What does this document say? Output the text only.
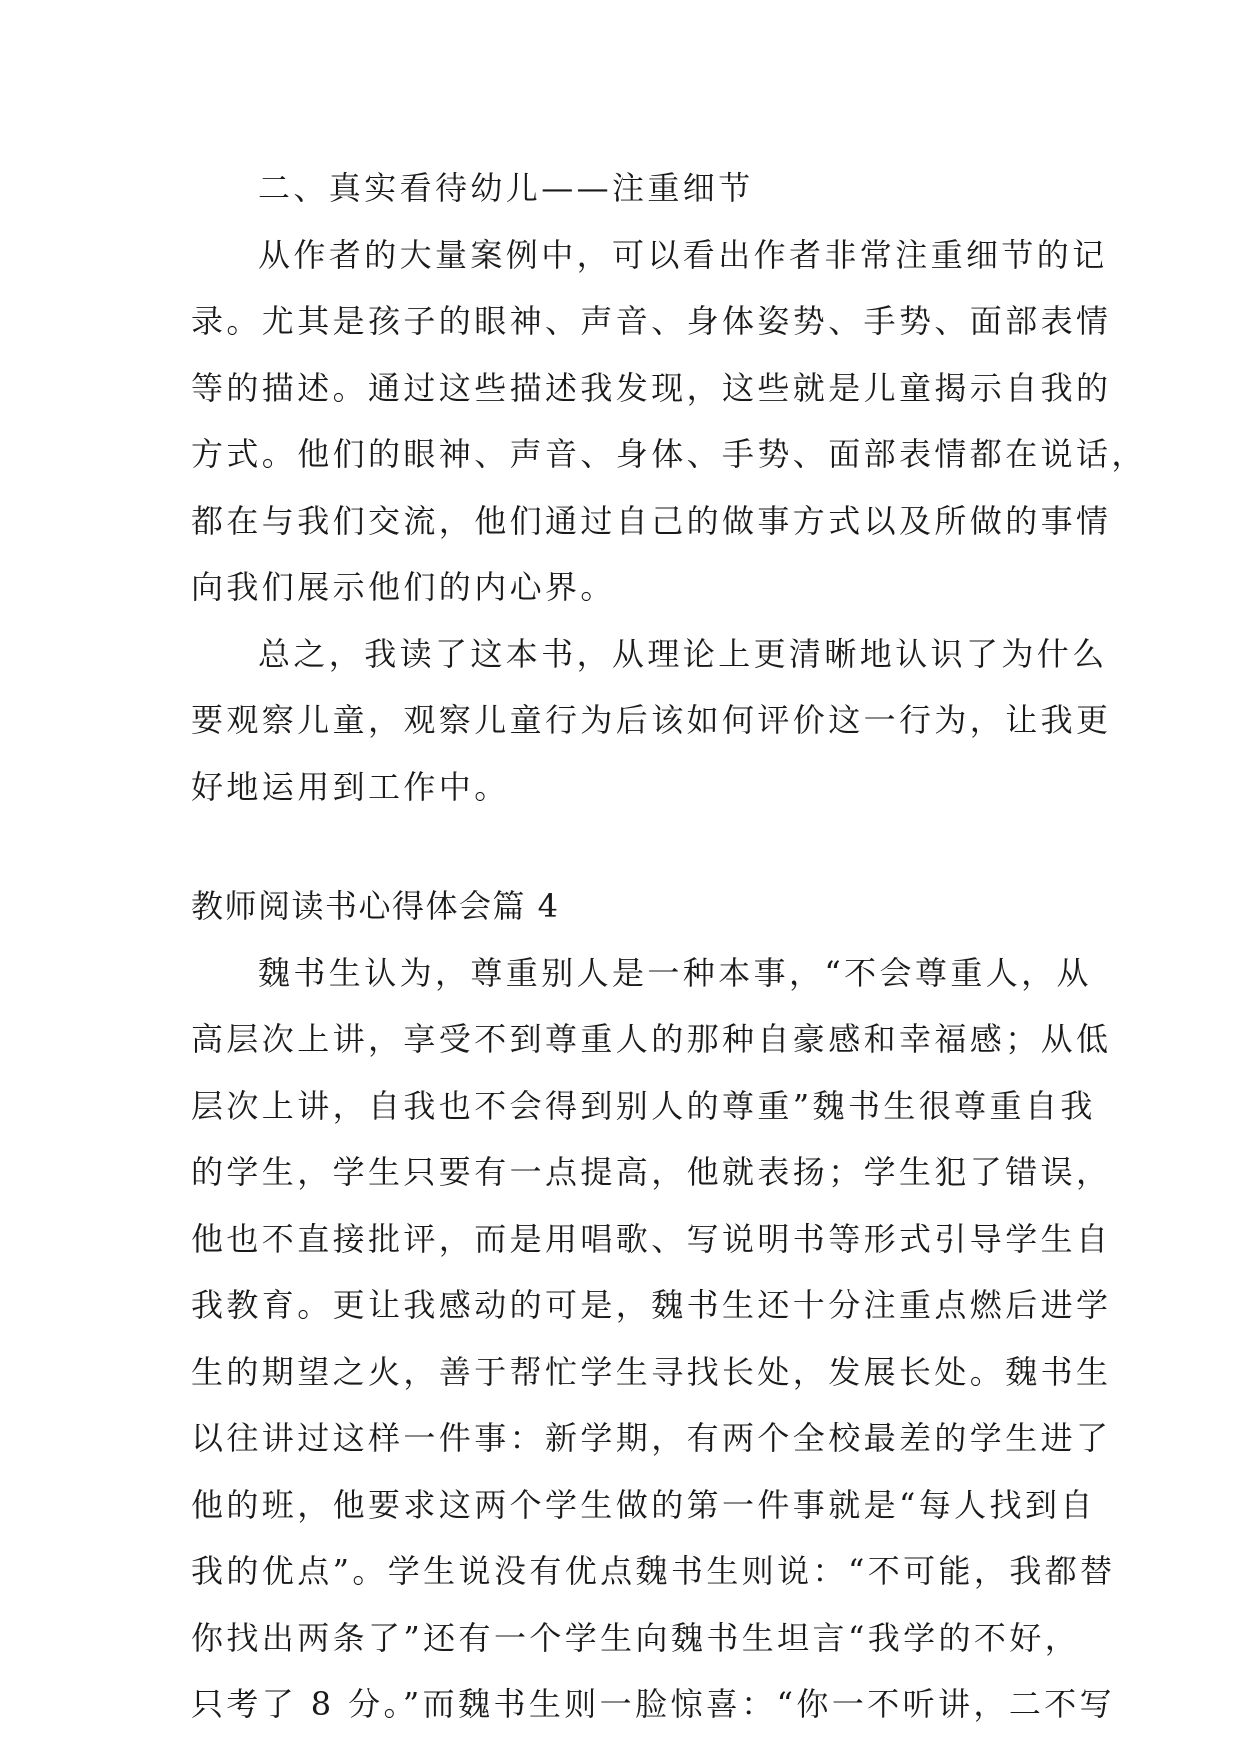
二、真实看待幼儿——注重细节
从作者的大量案例中，可以看出作者非常注重细节的记
录。尤其是孩子的眼神、声音、身体姿势、手势、面部表情
等的描述。通过这些描述我发现，这些就是儿童揭示自我的
方式。他们的眼神、声音、身体、手势、面部表情都在说话，
都在与我们交流，他们通过自己的做事方式以及所做的事情
向我们展示他们的内心界。
总之，我读了这本书，从理论上更清晰地认识了为什么
要观察儿童，观察儿童行为后该如何评价这一行为，让我更
好地运用到工作中。
教师阅读书心得体会篇 4
魏书生认为，尊重别人是一种本事，“不会尊重人，从
高层次上讲，享受不到尊重人的那种自豪感和幸福感；从低
层次上讲，自我也不会得到别人的尊重”魏书生很尊重自我
的学生，学生只要有一点提高，他就表扬；学生犯了错误，
他也不直接批评，而是用唱歌、写说明书等形式引导学生自
我教育。更让我感动的可是，魏书生还十分注重点燃后进学
生的期望之火，善于帮忙学生寻找长处，发展长处。魏书生
以往讲过这样一件事：新学期，有两个全校最差的学生进了
他的班，他要求这两个学生做的第一件事就是“每人找到自
我的优点”。学生说没有优点魏书生则说：“不可能，我都替
你找出两条了”还有一个学生向魏书生坦言“我学的不好，
只考了 8 分。”而魏书生则一脸惊喜：“你一不听讲，二不写
